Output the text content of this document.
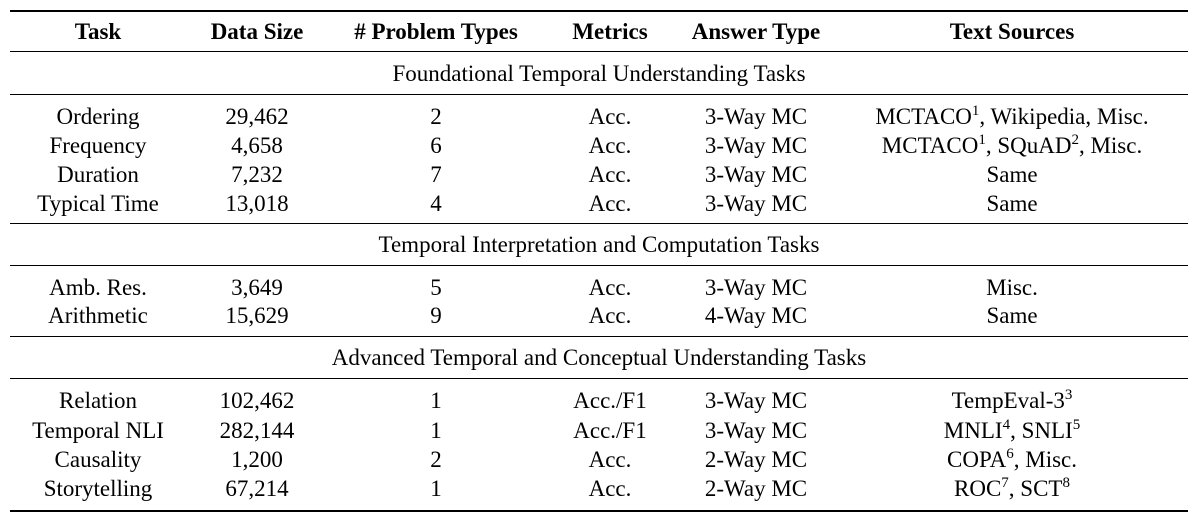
Task	Data Size	# Problem Types	Metrics	Answer Type	Text Sources
Foundational Temporal Understanding Tasks
Ordering	29,462	2	Acc.	3-Way MC	MCTACO$^1$, Wikipedia, Misc.
Frequency	4,658	6	Acc.	3-Way MC	MCTACO$^1$, SQuAD$^2$, Misc.
Duration	7,232	7	Acc.	3-Way MC	Same
Typical Time	13,018	4	Acc.	3-Way MC	Same
Temporal Interpretation and Computation Tasks
Amb. Res.	3,649	5	Acc.	3-Way MC	Misc.
Arithmetic	15,629	9	Acc.	4-Way MC	Same
Advanced Temporal and Conceptual Understanding Tasks
Relation	102,462	1	Acc./F1	3-Way MC	TempEval-$3^3$
Temporal NLI	282,144	1	Acc./F1	3-Way MC	MNLI$^4$, SNLI$^5$
Causality	1,200	2	Acc.	2-Way MC	COPA$^6$, Misc.
Storytelling	67,214	1	Acc.	2-Way MC	ROC$^7$, SCT$^8$
